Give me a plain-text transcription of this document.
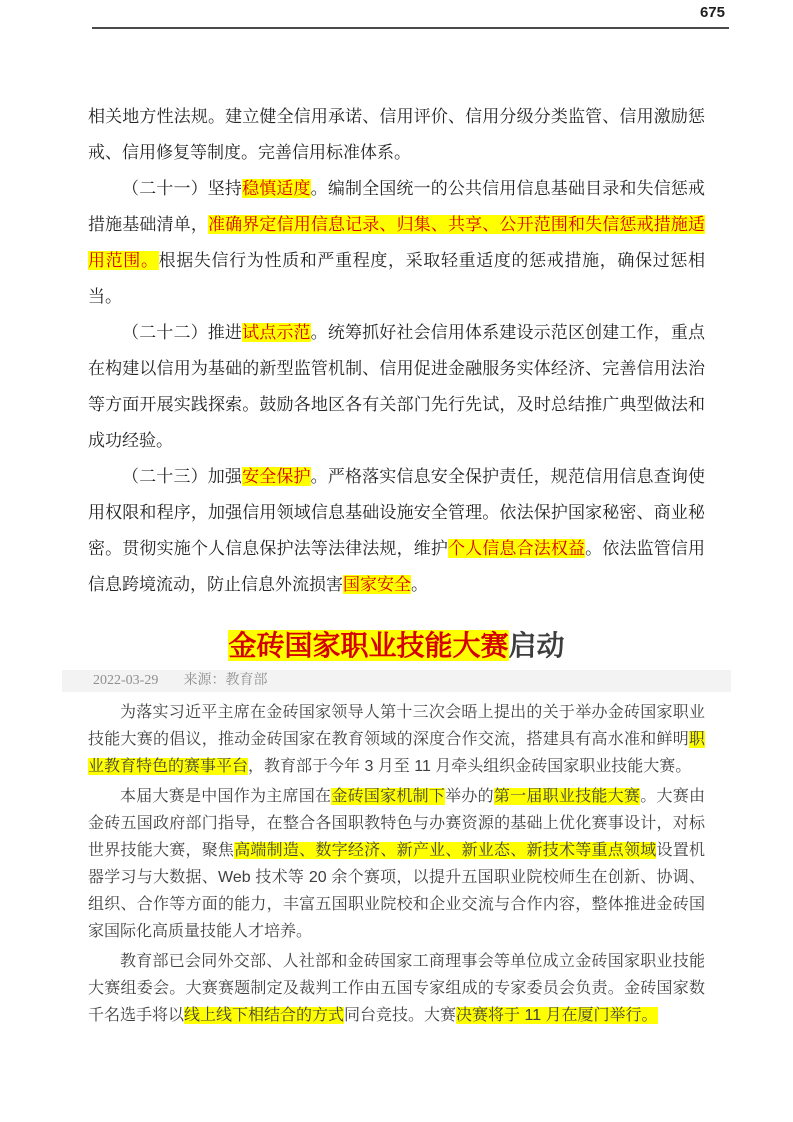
675

相关地方性法规。建立健全信用承诺、信用评价、信用分级分类监管、信用激励惩戒、信用修复等制度。完善信用标准体系。

（二十一）坚持稳慎适度。编制全国统一的公共信用信息基础目录和失信惩戒措施基础清单，准确界定信用信息记录、归集、共享、公开范围和失信惩戒措施适用范围。根据失信行为性质和严重程度，采取轻重适度的惩戒措施，确保过惩相当。

（二十二）推进试点示范。统筹抓好社会信用体系建设示范区创建工作，重点在构建以信用为基础的新型监管机制、信用促进金融服务实体经济、完善信用法治等方面开展实践探索。鼓励各地区各有关部门先行先试，及时总结推广典型做法和成功经验。

（二十三）加强安全保护。严格落实信息安全保护责任，规范信用信息查询使用权限和程序，加强信用领域信息基础设施安全管理。依法保护国家秘密、商业秘密。贯彻实施个人信息保护法等法律法规，维护个人信息合法权益。依法监管信用信息跨境流动，防止信息外流损害国家安全。

金砖国家职业技能大赛启动
2022-03-29 来源：教育部

为落实习近平主席在金砖国家领导人第十三次会晤上提出的关于举办金砖国家职业技能大赛的倡议，推动金砖国家在教育领域的深度合作交流，搭建具有高水准和鲜明职业教育特色的赛事平台，教育部于今年 3 月至 11 月牵头组织金砖国家职业技能大赛。

本届大赛是中国作为主席国在金砖国家机制下举办的第一届职业技能大赛。大赛由金砖五国政府部门指导，在整合各国职教特色与办赛资源的基础上优化赛事设计，对标世界技能大赛，聚焦高端制造、数字经济、新产业、新业态、新技术等重点领域设置机器学习与大数据、Web 技术等 20 余个赛项，以提升五国职业院校师生在创新、协调、组织、合作等方面的能力，丰富五国职业院校和企业交流与合作内容，整体推进金砖国家国际化高质量技能人才培养。

教育部已会同外交部、人社部和金砖国家工商理事会等单位成立金砖国家职业技能大赛组委会。大赛赛题制定及裁判工作由五国专家组成的专家委员会负责。金砖国家数千名选手将以线上线下相结合的方式同台竞技。大赛决赛将于 11 月在厦门举行。
